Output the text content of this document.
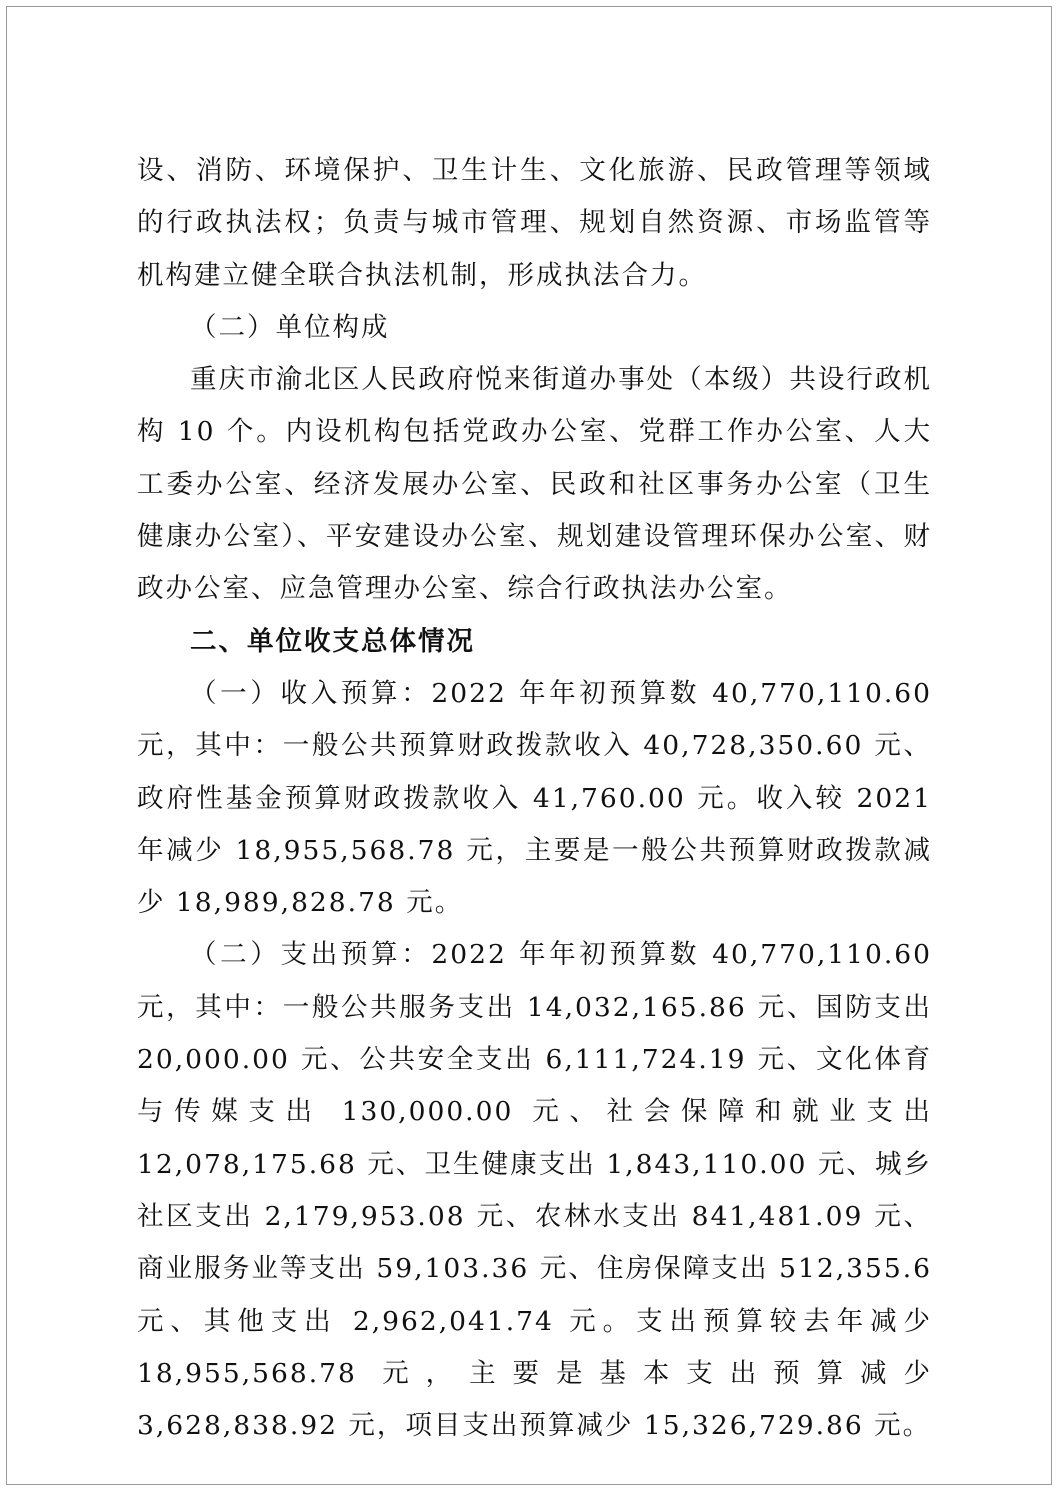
设、消防、环境保护、卫生计生、文化旅游、民政管理等领域的行政执法权；负责与城市管理、规划自然资源、市场监管等机构建立健全联合执法机制，形成执法合力。

（二）单位构成

重庆市渝北区人民政府悦来街道办事处（本级）共设行政机构 10 个。内设机构包括党政办公室、党群工作办公室、人大工委办公室、经济发展办公室、民政和社区事务办公室（卫生健康办公室）、平安建设办公室、规划建设管理环保办公室、财政办公室、应急管理办公室、综合行政执法办公室。

二、单位收支总体情况

（一）收入预算：2022 年年初预算数 40,770,110.60 元，其中：一般公共预算财政拨款收入 40,728,350.60 元、政府性基金预算财政拨款收入 41,760.00 元。收入较 2021 年减少 18,955,568.78 元，主要是一般公共预算财政拨款减少 18,989,828.78 元。

（二）支出预算：2022 年年初预算数 40,770,110.60 元，其中：一般公共服务支出 14,032,165.86 元、国防支出 20,000.00 元、公共安全支出 6,111,724.19 元、文化体育与传媒支出 130,000.00 元、社会保障和就业支出 12,078,175.68 元、卫生健康支出 1,843,110.00 元、城乡社区支出 2,179,953.08 元、农林水支出 841,481.09 元、商业服务业等支出 59,103.36 元、住房保障支出 512,355.6 元、其他支出 2,962,041.74 元。支出预算较去年减少 18,955,568.78 元，主要是基本支出预算减少 3,628,838.92 元，项目支出预算减少 15,326,729.86 元。
